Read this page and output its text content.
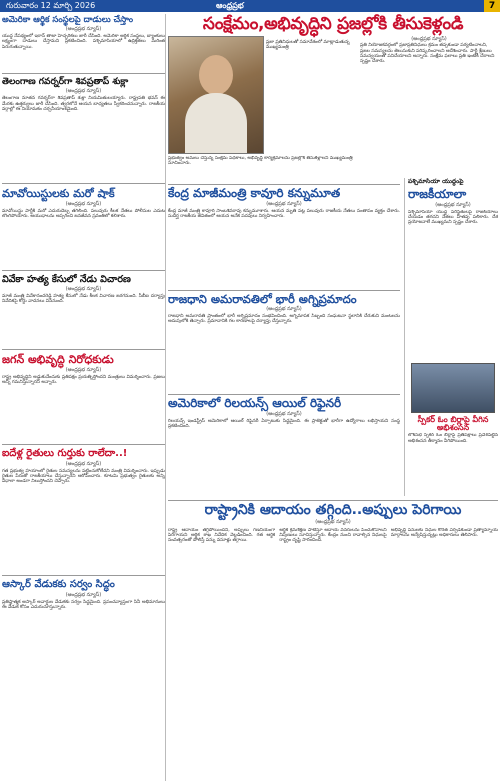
గురువారం 12 మార్చి 2026	ఆంధ్రప్రభ	7
అమెరికా ఆర్థిక సంస్థలపై దాడులు చేస్తాం
(ఆంధ్రప్రభ న్యూస్)
యుద్ధ నేపథ్యంలో ఇరాన్ తాజా హెచ్చరికలు జారీ చేసింది. అమెరికా ఆర్థిక సంస్థలు, బ్యాంకులు లక్ష్యంగా దాడులు చేస్తామని ప్రకటించింది. పశ్చిమాసియాలో ఉద్రిక్తతలు మరింత పెరుగుతున్నాయి.
తెలంగాణ గవర్నర్‌గా శివప్రతాప్ శుక్లా
(ఆంధ్రప్రభ న్యూస్)
తెలంగాణ నూతన గవర్నర్‌గా శివప్రతాప్ శుక్లా నియమితులయ్యారు. రాష్ట్రపతి భవన్ ఈ మేరకు ఉత్తర్వులు జారీ చేసింది. త్వరలోనే ఆయన బాధ్యతలు స్వీకరించనున్నారు. రాజకీయ వర్గాల్లో ఈ నియామకం చర్చనీయాంశమైంది.
మావోయిస్టులకు మరో షాక్
(ఆంధ్రప్రభ న్యూస్)
మావోయిస్టు పార్టీకి మరో ఎదురుదెబ్బ తగిలింది. పలువురు కీలక నేతలు పోలీసుల ఎదుట లొంగిపోయారు. ఆయుధాలను అప్పగించి జనజీవన స్రవంతిలో కలిశారు.
వివేకా హత్య కేసులో నేడు విచారణ
(ఆంధ్రప్రభ న్యూస్)
మాజీ మంత్రి వివేకానందరెడ్డి హత్య కేసులో నేడు కీలక విచారణ జరగనుంది. సీబీఐ దర్యాప్తు నివేదికపై కోర్టు వాదనలు విననుంది.
జగన్ అభివృద్ధి నిరోధకుడు
(ఆంధ్రప్రభ న్యూస్)
రాష్ట్ర అభివృద్ధిని అడ్డుకునేందుకు ప్రతిపక్షం ప్రయత్నిస్తోందని మంత్రులు విమర్శించారు. ప్రజలు అన్నీ గమనిస్తున్నారని అన్నారు.
ఐదేళ్ల రైతులు గుర్తుకు రాలేదా..!
(ఆంధ్రప్రభ న్యూస్)
గత ప్రభుత్వ హయాంలో రైతుల సమస్యలను పట్టించుకోలేదని మంత్రి విమర్శించారు. ఇప్పుడు రైతుల పేరుతో రాజకీయాలు చేస్తున్నారని ఆరోపించారు. కూటమి ప్రభుత్వం రైతులకు అన్ని విధాలా అండగా నిలుస్తోందని చెప్పారు.
ఆస్కార్ వేడుకకు సర్వం సిద్ధం
(ఆంధ్రప్రభ న్యూస్)
ప్రతిష్ఠాత్మక ఆస్కార్ అవార్డుల వేడుకకు సర్వం సిద్ధమైంది. ప్రపంచవ్యాప్తంగా సినీ అభిమానులు ఈ వేడుక కోసం ఎదురుచూస్తున్నారు.
సంక్షేమం,అభివృద్ధిని ప్రజల్లోకి తీసుకెళ్లండి
ప్రజా ప్రతినిధులతో సమావేశంలో మాట్లాడుతున్న ముఖ్యమంత్రి
ప్రభుత్వం అమలు చేస్తున్న సంక్షేమ పథకాలు, అభివృద్ధి కార్యక్రమాలను ప్రజల్లోకి తీసుకెళ్లాలని ముఖ్యమంత్రి సూచించారు.
(ఆంధ్రప్రభ న్యూస్)
ప్రతి నియోజకవర్గంలో ప్రజాప్రతినిధులు క్రమం తప్పకుండా పర్యటించాలని, ప్రజల సమస్యలను తెలుసుకుని పరిష్కరించాలని ఆదేశించారు. పార్టీ శ్రేణులు సమన్వయంతో పనిచేయాలని అన్నారు. సంక్షేమ ఫలాలు ప్రతి ఇంటికీ చేరాలని స్పష్టం చేశారు.
కేంద్ర మాజీమంత్రి కావూరి కన్నుమూత
(ఆంధ్రప్రభ న్యూస్)
కేంద్ర మాజీ మంత్రి కావూరి సాంబశివరావు కన్నుమూశారు. ఆయన మృతి పట్ల పలువురు రాజకీయ నేతలు సంతాపం వ్యక్తం చేశారు. సుదీర్ఘ రాజకీయ జీవితంలో ఆయన అనేక పదవులు నిర్వహించారు.
రాజధాని అమరావతిలో భారీ అగ్నిప్రమాదం
(ఆంధ్రప్రభ న్యూస్)
రాజధాని అమరావతి ప్రాంతంలో భారీ అగ్నిప్రమాదం సంభవించింది. అగ్నిమాపక సిబ్బంది సంఘటనా స్థలానికి చేరుకుని మంటలను అదుపులోకి తెచ్చారు. ప్రమాదానికి గల కారణాలపై దర్యాప్తు చేస్తున్నారు.
అమెరికాలో రిలయన్స్ ఆయిల్ రిఫైనరీ
(ఆంధ్రప్రభ న్యూస్)
రిలయన్స్ ఇండస్ట్రీస్ అమెరికాలో ఆయిల్ రిఫైనరీ ఏర్పాటుకు సిద్ధమైంది. ఈ ప్రాజెక్టుతో భారీగా ఉద్యోగాలు లభిస్తాయని సంస్థ ప్రకటించింది.
పశ్చిమాసియా యుద్ధంపై
రాజకీయాలా
(ఆంధ్రప్రభ న్యూస్)
పశ్చిమాసియా యుద్ధ పరిస్థితులపై రాజకీయాలు చేయడం తగదని నేతలు హితవు పలికారు. దేశ ప్రయోజనాలే ముఖ్యమని స్పష్టం చేశారు.
స్పీకర్ ఓం బిర్లాపై వీగిన అభిశంసన
లోక్‌సభ స్పీకర్ ఓం బిర్లాపై ప్రతిపక్షాలు ప్రవేశపెట్టిన అభిశంసన తీర్మానం వీగిపోయింది.
రాష్ట్రానికి ఆదాయం తగ్గింది..అప్పులు పెరిగాయి
(ఆంధ్రప్రభ న్యూస్)
రాష్ట్ర ఆదాయం తగ్గిపోయిందని, అప్పులు గణనీయంగా పెరిగాయని ఆర్థిక శాఖ నివేదిక వెల్లడించింది. గత ఆర్థిక సంవత్సరంతో పోలిస్తే పన్ను వసూళ్లు తగ్గాయి.
ఆర్థిక క్రమశిక్షణ పాటిస్తూ ఆదాయ వనరులను పెంచుకోవాలని నిపుణులు సూచిస్తున్నారు. కేంద్రం నుంచి రావాల్సిన నిధులపై రాష్ట్రం దృష్టి సారించింది.
అభివృద్ధి పనులకు నిధుల కొరత ఏర్పడకుండా ప్రత్యామ్నాయ మార్గాలను అన్వేషిస్తున్నట్లు అధికారులు తెలిపారు.
